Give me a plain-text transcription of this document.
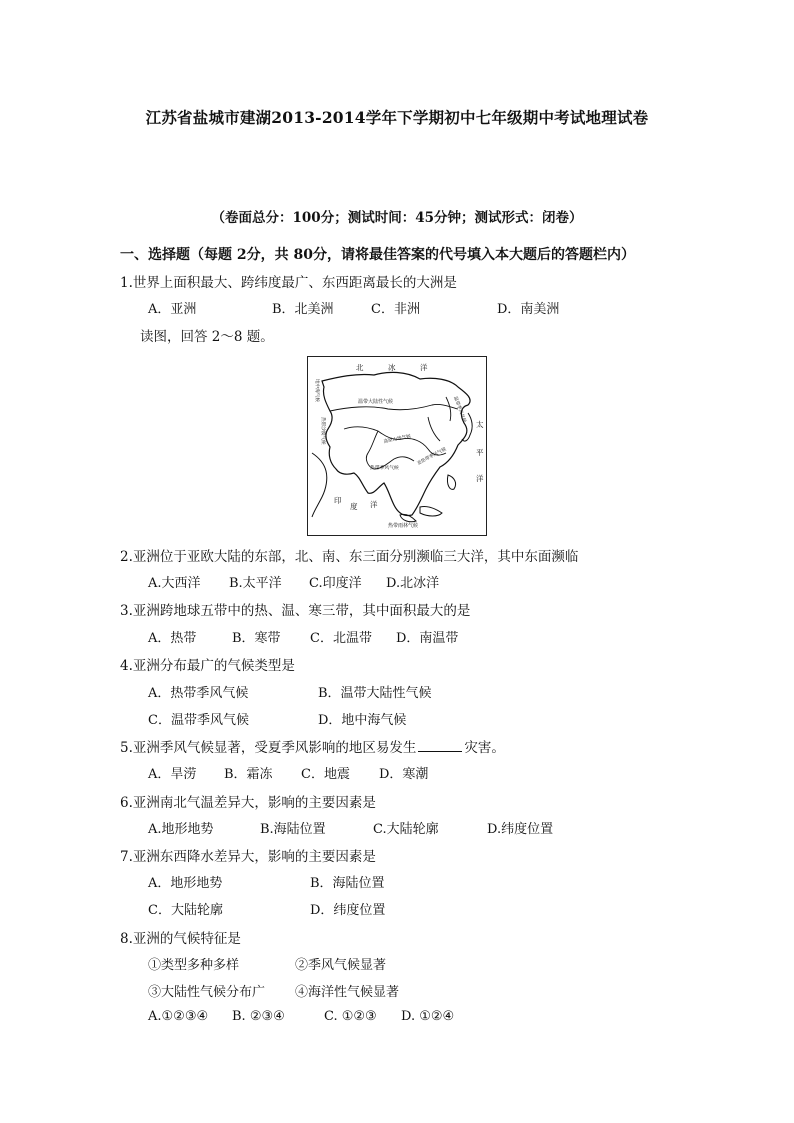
江苏省盐城市建湖2013-2014学年下学期初中七年级期中考试地理试卷
（卷面总分：100分；测试时间：45分钟；测试形式：闭卷）
一、选择题（每题 2分，共 80分，请将最佳答案的代号填入本大题后的答题栏内）
1.世界上面积最大、跨纬度最广、东西距离最长的大洲是
A．亚洲	B．北美洲	C．非洲	D．南美洲
读图，回答 2～8 题。
北	冰	洋
太
平
洋
印
度 洋
地中海气候
热带沙漠气候
温带大陆性气候	温带季风气候
高原山地气候
热带季风气候
亚热带季风气候
热带雨林气候
2.亚洲位于亚欧大陆的东部，北、南、东三面分别濒临三大洋，其中东面濒临
A.大西洋 B.太平洋 C.印度洋 D.北冰洋
3.亚洲跨地球五带中的热、温、寒三带，其中面积最大的是
A．热带	B．寒带 C．北温带 D．南温带
4.亚洲分布最广的气候类型是
A．热带季风气候	B．温带大陆性气候
C．温带季风气候	D．地中海气候
5.亚洲季风气候显著，受夏季风影响的地区易发生	灾害。
A．旱涝 B．霜冻 C．地震 D．寒潮
6.亚洲南北气温差异大，影响的主要因素是
A.地形地势	B.海陆位置	C.大陆轮廓	D.纬度位置
7.亚洲东西降水差异大，影响的主要因素是
A．地形地势	B．海陆位置
C．大陆轮廓	D．纬度位置
8.亚洲的气候特征是
①类型多种多样	②季风气候显著
③大陆性气候分布广 ④海洋性气候显著
A.①②③④ B. ②③④	C. ①②③ D. ①②④
